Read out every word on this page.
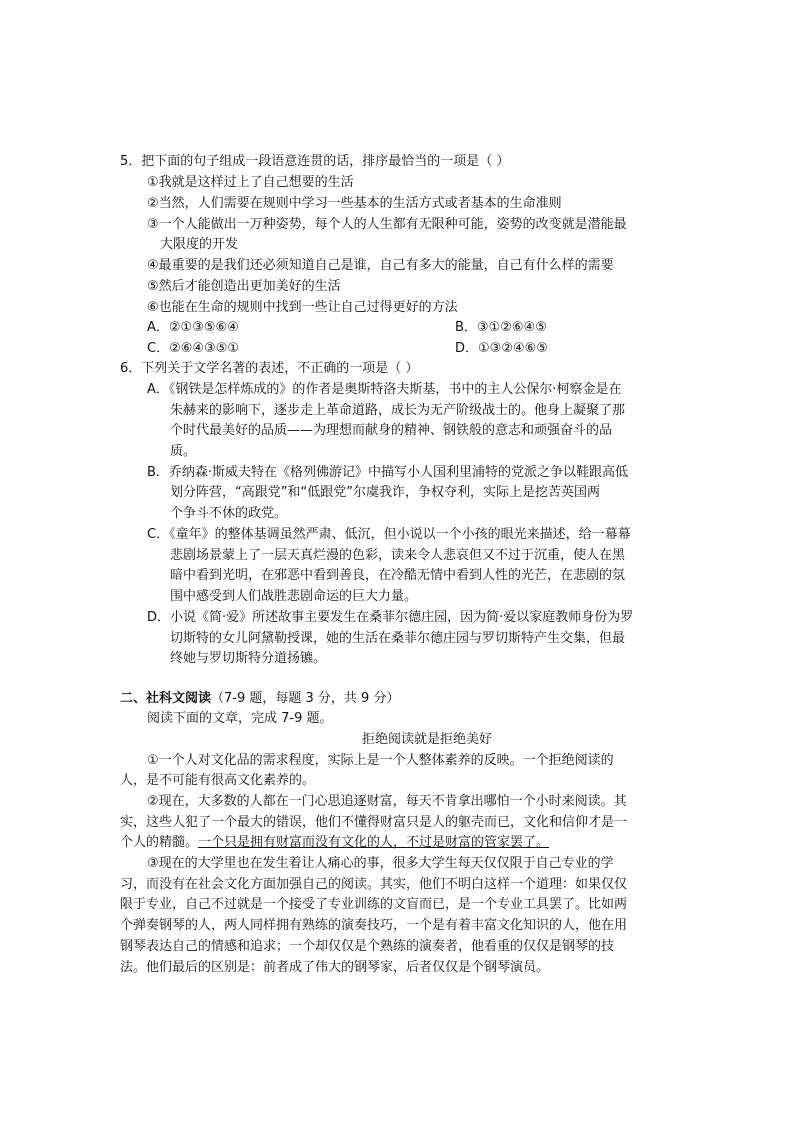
5．把下面的句子组成一段语意连贯的话，排序最恰当的一项是（ ）
①我就是这样过上了自己想要的生活
②当然，人们需要在规则中学习一些基本的生活方式或者基本的生命准则
③一个人能做出一万种姿势，每个人的人生都有无限种可能，姿势的改变就是潜能最
大限度的开发
④最重要的是我们还必须知道自己是谁，自己有多大的能量，自己有什么样的需要
⑤然后才能创造出更加美好的生活
⑥也能在生命的规则中找到一些让自己过得更好的方法
A．②①③⑤⑥④	B．③①②⑥④⑤
C．②⑥④③⑤①	D．①③②④⑥⑤
6．下列关于文学名著的表述，不正确的一项是（ ）
A．《钢铁是怎样炼成的》的作者是奥斯特洛夫斯基，书中的主人公保尔·柯察金是在
朱赫来的影响下，逐步走上革命道路，成长为无产阶级战士的。他身上凝聚了那
个时代最美好的品质——为理想而献身的精神、钢铁般的意志和顽强奋斗的品
质。
B．乔纳森·斯威夫特在《格列佛游记》中描写小人国利里浦特的党派之争以鞋跟高低
划分阵营，“高跟党”和“低跟党”尔虞我诈，争权夺利，实际上是挖苦英国两
个争斗不休的政党。
C．《童年》的整体基调虽然严肃、低沉，但小说以一个小孩的眼光来描述，给一幕幕
悲剧场景蒙上了一层天真烂漫的色彩，读来令人悲哀但又不过于沉重，使人在黑
暗中看到光明，在邪恶中看到善良，在冷酷无情中看到人性的光芒，在悲剧的氛
围中感受到人们战胜悲剧命运的巨大力量。
D．小说《简·爱》所述故事主要发生在桑菲尔德庄园，因为简·爱以家庭教师身份为罗
切斯特的女儿阿黛勒授课，她的生活在桑菲尔德庄园与罗切斯特产生交集，但最
终她与罗切斯特分道扬镳。
二、社科文阅读（7-9 题，每题 3 分，共 9 分）
阅读下面的文章，完成 7-9 题。
拒绝阅读就是拒绝美好
①一个人对文化品的需求程度，实际上是一个人整体素养的反映。一个拒绝阅读的
人，是不可能有很高文化素养的。
②现在，大多数的人都在一门心思追逐财富，每天不肯拿出哪怕一个小时来阅读。其
实，这些人犯了一个最大的错误，他们不懂得财富只是人的躯壳而已，文化和信仰才是一
个人的精髓。一个只是拥有财富而没有文化的人，不过是财富的管家罢了。
③现在的大学里也在发生着让人痛心的事，很多大学生每天仅仅限于自己专业的学
习，而没有在社会文化方面加强自己的阅读。其实，他们不明白这样一个道理：如果仅仅
限于专业，自己不过就是一个接受了专业训练的文盲而已，是一个专业工具罢了。比如两
个弹奏钢琴的人，两人同样拥有熟练的演奏技巧，一个是有着丰富文化知识的人，他在用
钢琴表达自己的情感和追求；一个却仅仅是个熟练的演奏者，他看重的仅仅是钢琴的技
法。他们最后的区别是：前者成了伟大的钢琴家，后者仅仅是个钢琴演员。
